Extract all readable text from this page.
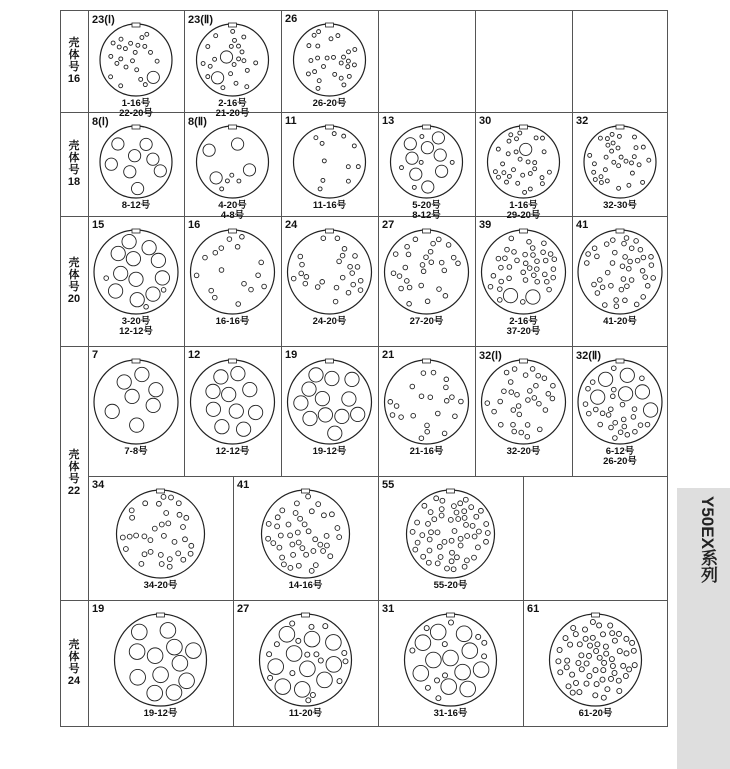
23(Ⅰ)
1-16号
22-20号
23(Ⅱ)
2-16号
21-20号
26
26-20号
8(Ⅰ)
8-12号
8(Ⅱ)
4-20号
4-8号
11
11-16号
13
5-20号
8-12号
30
1-16号
29-20号
32
32-30号
15
3-20号
12-12号
16
16-16号
24
24-20号
27
27-20号
39
2-16号
37-20号
41
41-20号
7
7-8号
12
12-12号
19
19-12号
21
21-16号
32(Ⅰ)
32-20号
32(Ⅱ)
6-12号
26-20号
34
34-20号
41
14-16号
55
55-20号
19
19-12号
27
11-20号
31
31-16号
61
61-20号
壳
体
号
16
壳
体
号
18
壳
体
号
20
壳
体
号
22
壳
体
号
24
Y50EX系列
